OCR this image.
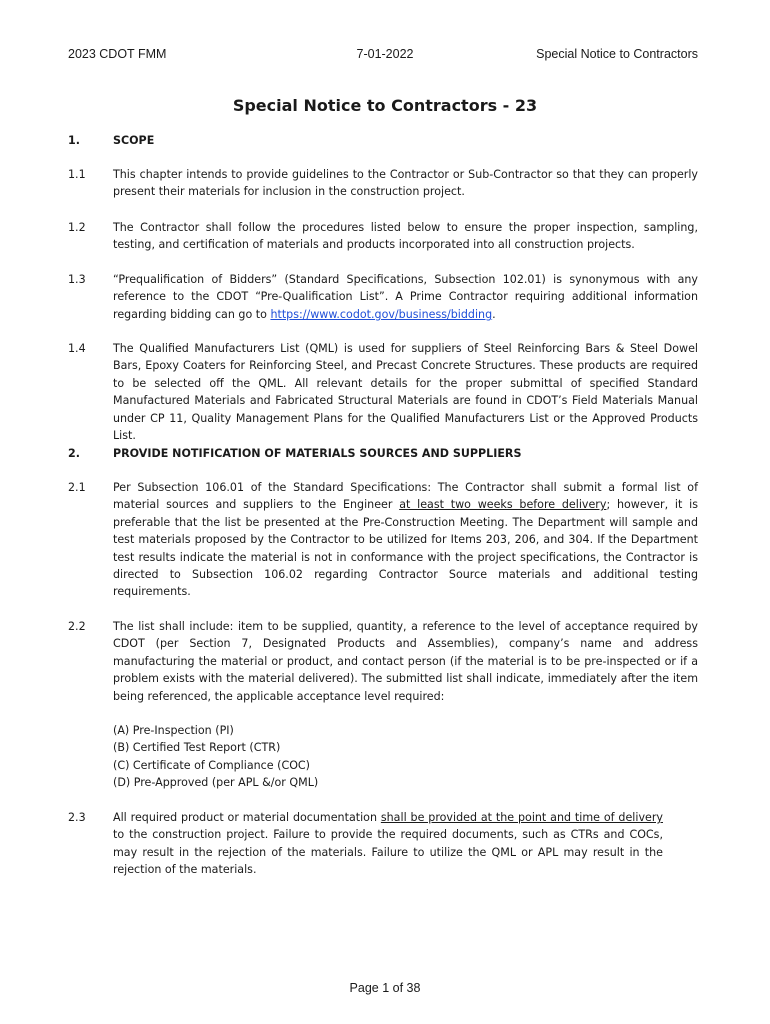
2023 CDOT FMM	7-01-2022	Special Notice to Contractors
Special Notice to Contractors - 23
1.	SCOPE
1.1 This chapter intends to provide guidelines to the Contractor or Sub-Contractor so that they can properly present their materials for inclusion in the construction project.
1.2 The Contractor shall follow the procedures listed below to ensure the proper inspection, sampling, testing, and certification of materials and products incorporated into all construction projects.
1.3 “Prequalification of Bidders” (Standard Specifications, Subsection 102.01) is synonymous with any reference to the CDOT “Pre-Qualification List”. A Prime Contractor requiring additional information regarding bidding can go to https://www.codot.gov/business/bidding.
1.4 The Qualified Manufacturers List (QML) is used for suppliers of Steel Reinforcing Bars & Steel Dowel Bars, Epoxy Coaters for Reinforcing Steel, and Precast Concrete Structures. These products are required to be selected off the QML. All relevant details for the proper submittal of specified Standard Manufactured Materials and Fabricated Structural Materials are found in CDOT’s Field Materials Manual under CP 11, Quality Management Plans for the Qualified Manufacturers List or the Approved Products List.
2.	PROVIDE NOTIFICATION OF MATERIALS SOURCES AND SUPPLIERS
2.1 Per Subsection 106.01 of the Standard Specifications: The Contractor shall submit a formal list of material sources and suppliers to the Engineer at least two weeks before delivery; however, it is preferable that the list be presented at the Pre-Construction Meeting. The Department will sample and test materials proposed by the Contractor to be utilized for Items 203, 206, and 304. If the Department test results indicate the material is not in conformance with the project specifications, the Contractor is directed to Subsection 106.02 regarding Contractor Source materials and additional testing requirements.
2.2 The list shall include: item to be supplied, quantity, a reference to the level of acceptance required by CDOT (per Section 7, Designated Products and Assemblies), company’s name and address manufacturing the material or product, and contact person (if the material is to be pre-inspected or if a problem exists with the material delivered). The submitted list shall indicate, immediately after the item being referenced, the applicable acceptance level required:
(A) Pre-Inspection (PI)
(B) Certified Test Report (CTR)
(C) Certificate of Compliance (COC)
(D) Pre-Approved (per APL &/or QML)
2.3 All required product or material documentation shall be provided at the point and time of delivery to the construction project. Failure to provide the required documents, such as CTRs and COCs, may result in the rejection of the materials. Failure to utilize the QML or APL may result in the rejection of the materials.
Page 1 of 38
